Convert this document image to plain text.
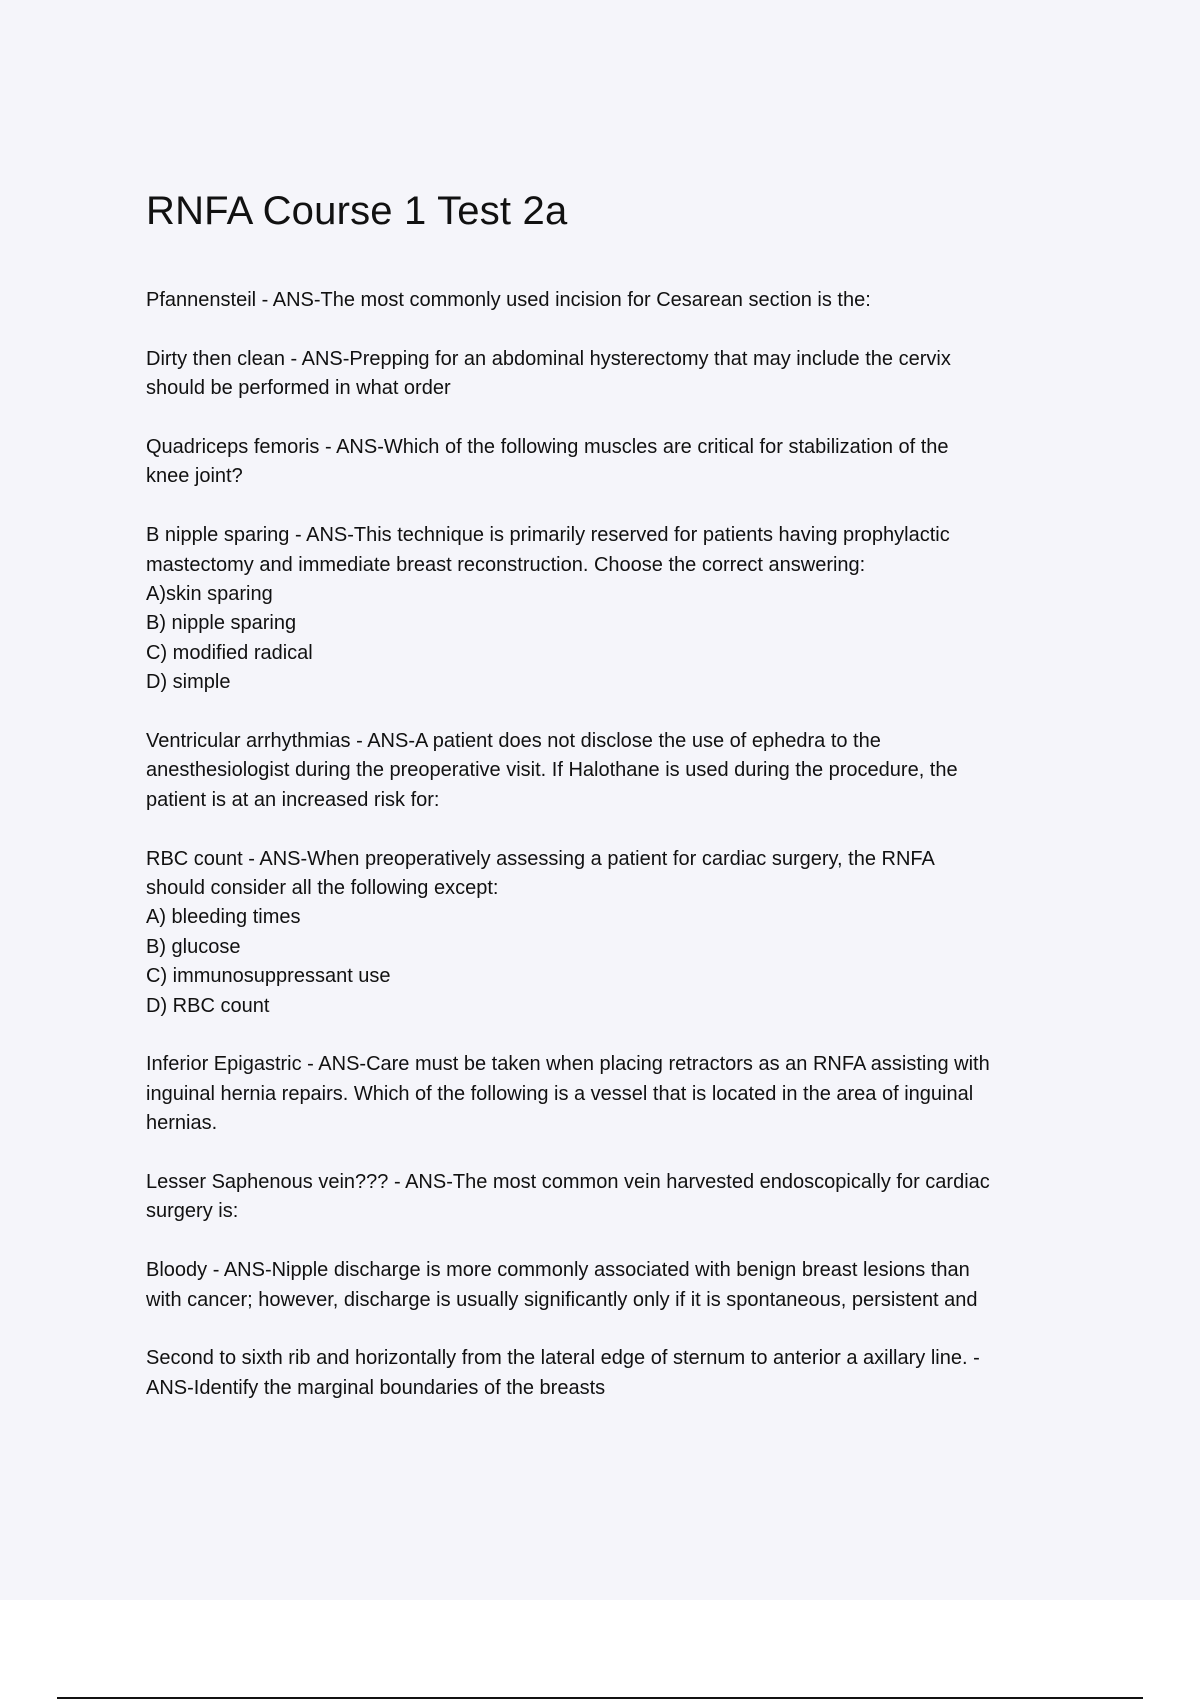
RNFA Course 1 Test 2a

Pfannensteil - ANS-The most commonly used incision for Cesarean section is the:

Dirty then clean - ANS-Prepping for an abdominal hysterectomy that may include the cervix
should be performed in what order

Quadriceps femoris - ANS-Which of the following muscles are critical for stabilization of the
knee joint?

B nipple sparing - ANS-This technique is primarily reserved for patients having prophylactic
mastectomy and immediate breast reconstruction. Choose the correct answering:
A)skin sparing
B) nipple sparing
C) modified radical
D) simple

Ventricular arrhythmias - ANS-A patient does not disclose the use of ephedra to the
anesthesiologist during the preoperative visit. If Halothane is used during the procedure, the
patient is at an increased risk for:

RBC count - ANS-When preoperatively assessing a patient for cardiac surgery, the RNFA
should consider all the following except:
A) bleeding times
B) glucose
C) immunosuppressant use
D) RBC count

Inferior Epigastric - ANS-Care must be taken when placing retractors as an RNFA assisting with
inguinal hernia repairs. Which of the following is a vessel that is located in the area of inguinal
hernias.

Lesser Saphenous vein??? - ANS-The most common vein harvested endoscopically for cardiac
surgery is:

Bloody - ANS-Nipple discharge is more commonly associated with benign breast lesions than
with cancer; however, discharge is usually significantly only if it is spontaneous, persistent and

Second to sixth rib and horizontally from the lateral edge of sternum to anterior a axillary line. -
ANS-Identify the marginal boundaries of the breasts
